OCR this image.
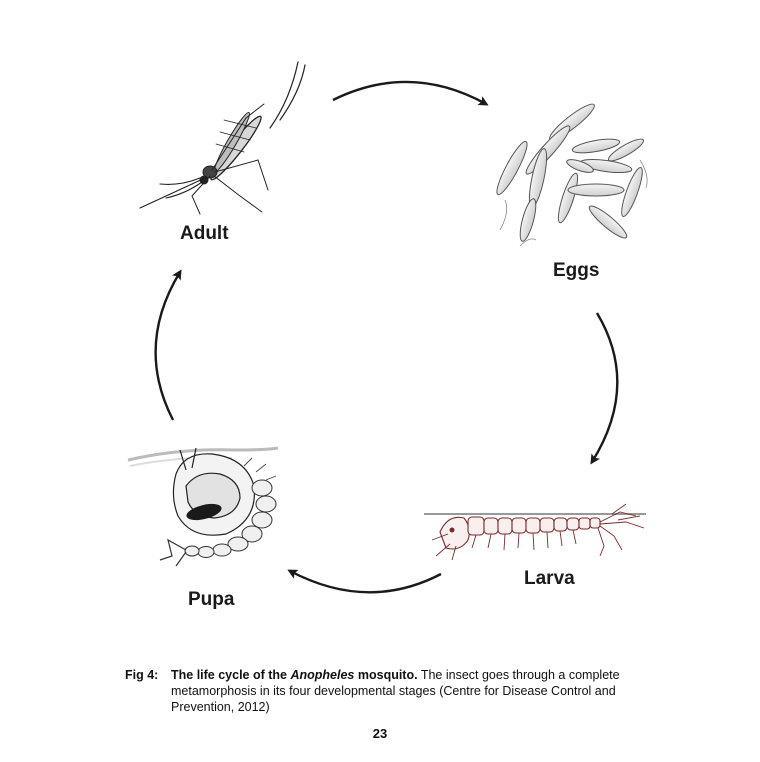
Adult
Eggs
Larva
Pupa
Fig 4:	The life cycle of the Anopheles mosquito. The insect goes through a complete metamorphosis in its four developmental stages (Centre for Disease Control and Prevention, 2012)
23
